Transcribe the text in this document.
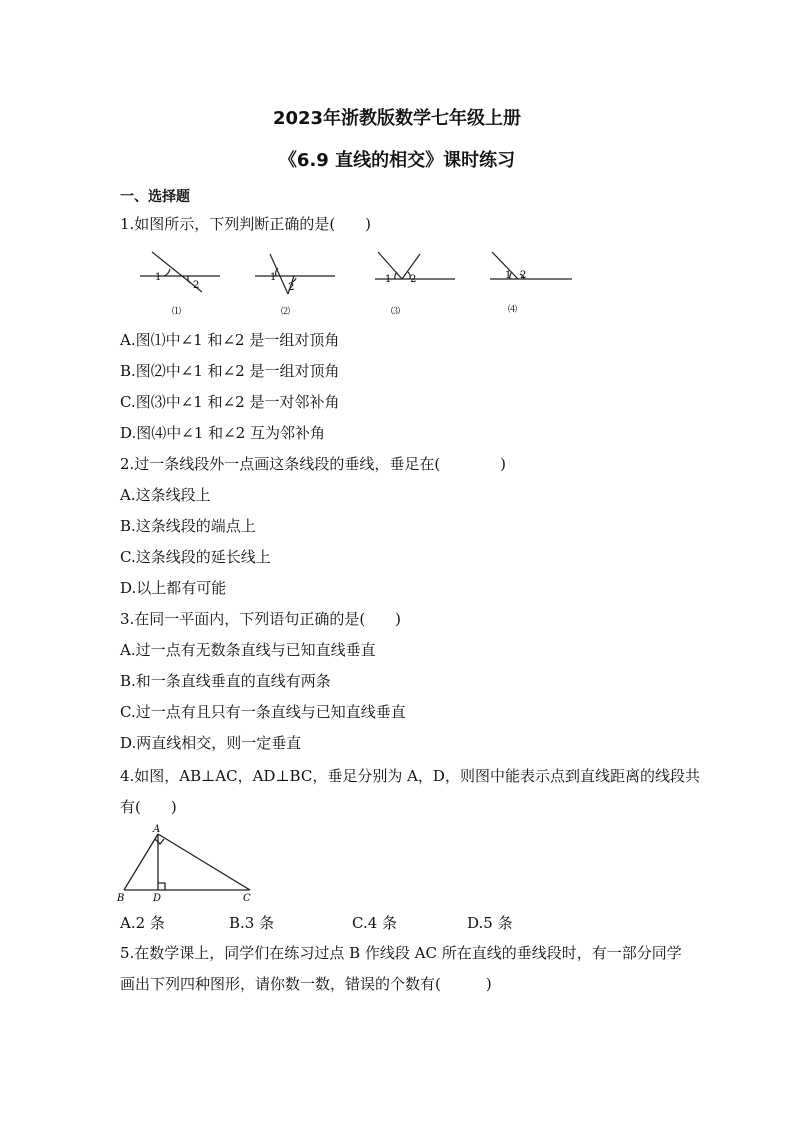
2023年浙教版数学七年级上册
《6.9 直线的相交》课时练习
一、选择题
1.如图所示，下列判断正确的是(　　)
1
2
⑴
1
2
⑵
1 2
⑶
1 2
⑷
A.图⑴中∠1 和∠2 是一组对顶角
B.图⑵中∠1 和∠2 是一组对顶角
C.图⑶中∠1 和∠2 是一对邻补角
D.图⑷中∠1 和∠2 互为邻补角
2.过一条线段外一点画这条线段的垂线，垂足在(　　　　)
A.这条线段上
B.这条线段的端点上
C.这条线段的延长线上
D.以上都有可能
3.在同一平面内，下列语句正确的是(　　)
A.过一点有无数条直线与已知直线垂直
B.和一条直线垂直的直线有两条
C.过一点有且只有一条直线与已知直线垂直
D.两直线相交，则一定垂直
4.如图，AB⊥AC，AD⊥BC，垂足分别为 A，D，则图中能表示点到直线距离的线段共
有(　　)
A
B	C
D
A.2 条	B.3 条	C.4 条	D.5 条
5.在数学课上，同学们在练习过点 B 作线段 AC 所在直线的垂线段时，有一部分同学
画出下列四种图形，请你数一数，错误的个数有(　　　)
